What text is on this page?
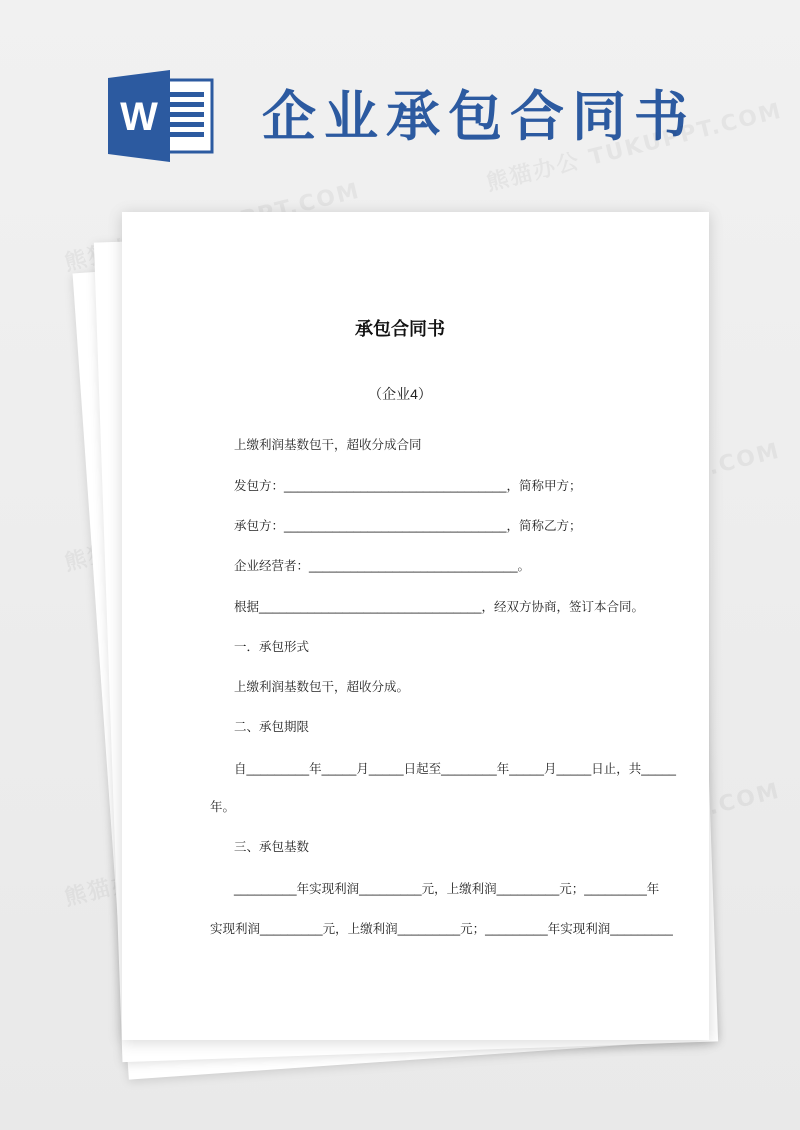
W 企业承包合同书
承包合同书
（企业4）
上缴利润基数包干，超收分成合同
发包方：________________________________，简称甲方；
承包方：________________________________，简称乙方；
企业经营者：______________________________。
根据________________________________，经双方协商，签订本合同。
一．承包形式
上缴利润基数包干，超收分成。
二、承包期限
自_________年_____月_____日起至________年_____月_____日止，共_____
年。
三、承包基数
_________年实现利润_________元，上缴利润_________元；_________年
实现利润_________元，上缴利润_________元；_________年实现利润_________
